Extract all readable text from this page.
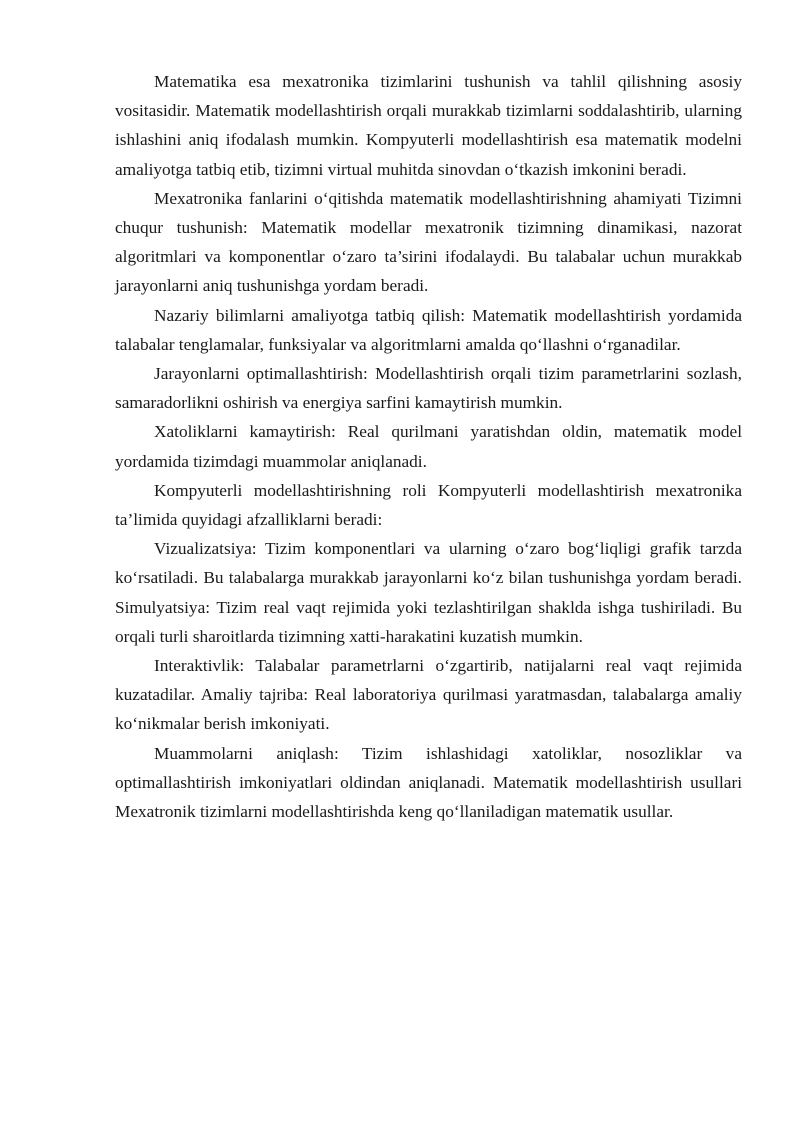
Matematika esa mexatronika tizimlarini tushunish va tahlil qilishning asosiy vositasidir. Matematik modellashtirish orqali murakkab tizimlarni soddalashtirib, ularning ishlashini aniq ifodalash mumkin. Kompyuterli modellashtirish esa matematik modelni amaliyotga tatbiq etib, tizimni virtual muhitda sinovdan o‘tkazish imkonini beradi.

Mexatronika fanlarini o‘qitishda matematik modellashtirishning ahamiyati Tizimni chuqur tushunish: Matematik modellar mexatronik tizimning dinamikasi, nazorat algoritmlari va komponentlar o‘zaro ta’sirini ifodalaydi. Bu talabalar uchun murakkab jarayonlarni aniq tushunishga yordam beradi.

Nazariy bilimlarni amaliyotga tatbiq qilish: Matematik modellashtirish yordamida talabalar tenglamalar, funksiyalar va algoritmlarni amalda qo‘llashni o‘rganadilar.

Jarayonlarni optimallashtirish: Modellashtirish orqali tizim parametrlarini sozlash, samaradorlikni oshirish va energiya sarfini kamaytirish mumkin.

Xatoliklarni kamaytirish: Real qurilmani yaratishdan oldin, matematik model yordamida tizimdagi muammolar aniqlanadi.

Kompyuterli modellashtirishning roli Kompyuterli modellashtirish mexatronika ta’limida quyidagi afzalliklarni beradi:

Vizualizatsiya: Tizim komponentlari va ularning o‘zaro bog‘liqligi grafik tarzda ko‘rsatiladi. Bu talabalarga murakkab jarayonlarni ko‘z bilan tushunishga yordam beradi. Simulyatsiya: Tizim real vaqt rejimida yoki tezlashtirilgan shaklda ishga tushiriladi. Bu orqali turli sharoitlarda tizimning xatti-harakatini kuzatish mumkin.

Interaktivlik: Talabalar parametrlarni o‘zgartirib, natijalarni real vaqt rejimida kuzatadilar. Amaliy tajriba: Real laboratoriya qurilmasi yaratmasdan, talabalarga amaliy ko‘nikmalar berish imkoniyati.

Muammolarni aniqlash: Tizim ishlashidagi xatoliklar, nosozliklar va optimallashtirish imkoniyatlari oldindan aniqlanadi. Matematik modellashtirish usullari Mexatronik tizimlarni modellashtirishda keng qo‘llaniladigan matematik usullar.
